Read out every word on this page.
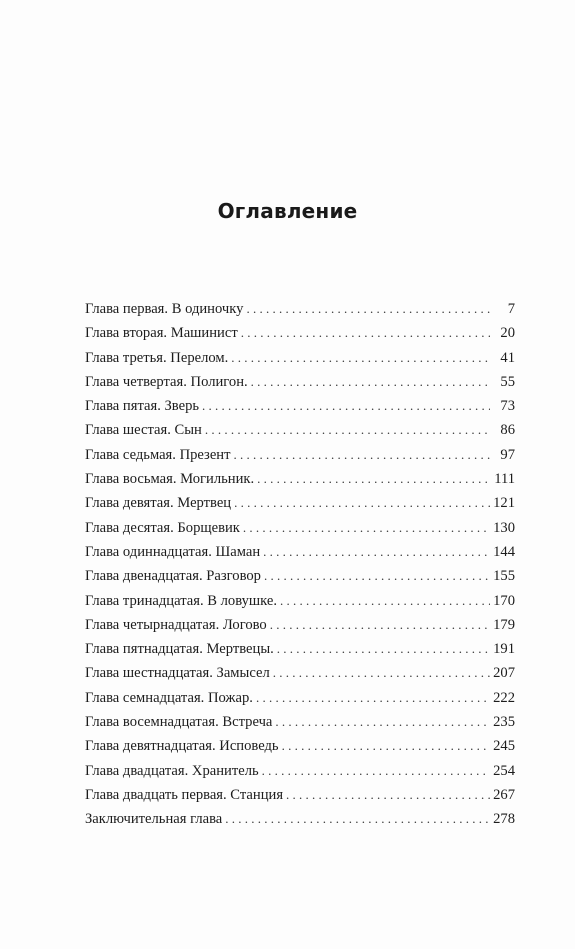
Оглавление
Глава первая. В одиночку . . .	7
Глава вторая. Машинист . . .	20
Глава третья. Перелом. . . .	41
Глава четвертая. Полигон. . . .	55
Глава пятая. Зверь . . .	73
Глава шестая. Сын . . .	86
Глава седьмая. Презент . . .	97
Глава восьмая. Могильник. . . .	111
Глава девятая. Мертвец . . .	121
Глава десятая. Борщевик . . .	130
Глава одиннадцатая. Шаман . . .	144
Глава двенадцатая. Разговор . . .	155
Глава тринадцатая. В ловушке. . . .	170
Глава четырнадцатая. Логово . . .	179
Глава пятнадцатая. Мертвецы. . . .	191
Глава шестнадцатая. Замысел . . .	207
Глава семнадцатая. Пожар. . . .	222
Глава восемнадцатая. Встреча . . .	235
Глава девятнадцатая. Исповедь . . .	245
Глава двадцатая. Хранитель . . .	254
Глава двадцать первая. Станция . . .	267
Заключительная глава . . .	278
